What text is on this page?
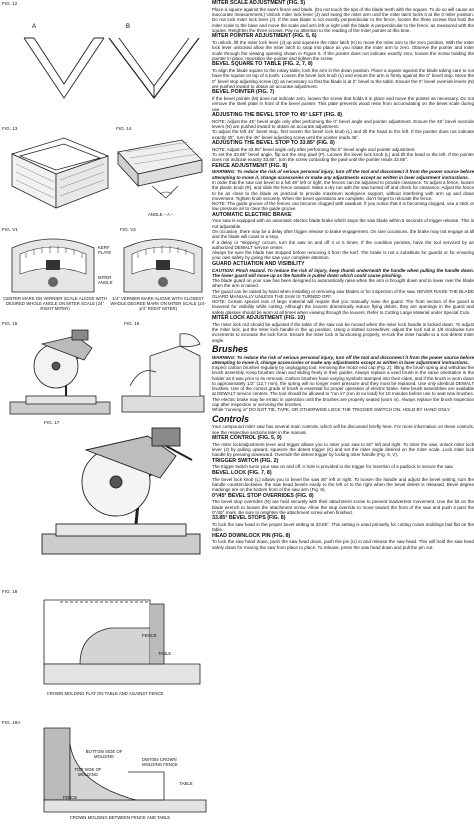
FIG. 12
A	B
FIG. 13	FIG. 14
ANGLE – A –
FIG. V1	FIG. V2
KERF PLATE
MITER ANGLE
CENTER MARK ON VERNIER SCALE ALIGNS WITH DESIRED WHOLE ANGLE ON MITER SCALE (24° RIGHT MITER)
1/4° VERNIER MARK ALIGNS WITH CLOSEST WHOLE DEGREE MARK ON MITER SCALE (24-1/4° RIGHT MITER)
FIG. 15	FIG. 16
FIG. 17
FIG. 18
FENCE
TABLE
CROWN MOLDING FLAT ON TABLE AND AGAINST FENCE
FIG. 18A
BOTTOM SIDE OF MOLDING
DW7084 CROWN MOLDING FENCE
TOP SIDE OF MOLDING
FENCE
TABLE
CROWN MOLDING BETWEEN FENCE AND TABLE
MITER SCALE ADJUSTMENT (FIG. 5)
Place a square against the saw's fence and blade. (Do not touch the tips of the blade teeth with the square. To do so will cause an inaccurate measurement.) Unlock miter lock lever (J) and swing the miter arm until the miter latch locks it at the 0 miter position. Do not lock miter lock lever (J). If the saw blade is not exactly perpendicular to the fence, loosen the three screws that hold the miter scale to the base and move the scale and arm left or right until the blade is perpendicular to the fence, as measured with the square. Retighten the three screws. Pay no attention to the reading of the miter pointer at this time.
MITER POINTER ADJUSTMENT (FIG. 5, 6)
To unlock, lift the miter lock lever (J) up and squeeze the miter latch (K) to move the miter arm to the zero position. With the miter lock lever unlocked allow the miter latch to snap into place as you rotate the miter arm to zero. Observe the pointer and miter scale through the viewing opening shown in Figure 6. If the pointer does not indicate exactly zero, loosen the screw holding the pointer in place, reposition the pointer and tighten the screw.
BEVEL SQUARE TO TABLE (FIG. 2, 7, 8)
To align the blade square to the rotary table, lock the arm in the down position. Place a square against the blade taking care to not have the square on top of a tooth. Loosen the bevel lock knob (L) and ensure the arm is firmly against the 0° bevel stop. Move the 0° bevel stop adjusting screw (Q) as necessary so that the blade is at 0° bevel to the table. Ensure the 0° bevel override levers (N) are pushed inward to obtain an accurate adjustment.
BEVEL POINTER (FIG. 7)
If the bevel pointer (M) does not indicate zero, loosen the screw that holds it in place and move the pointer as necessary. Do not remove the steel plate in front of the bevel pointer. This plate prevents wood resin from accumulating on the bevel scale during use.
ADJUSTING THE BEVEL STOP TO 45° LEFT (FIG. 8)
NOTE: Adjust the 45° bevel angle only after performing the 0° bevel angle and pointer adjustment. Ensure the 45° bevel override levers (N) are pushed inward to obtain an accurate adjustment.
To adjust the left 45° bevel stop, first loosen the bevel lock knob (L) and tilt the head to the left. If the pointer does not indicate exactly 45°, turn the 45° bevel adjusting screw until the pointer reads 45°.
ADJUSTING THE BEVEL STOP TO 33.85° (FIG. 8)
NOTE: Adjust the 33.85° bevel angle only after performing the 0° bevel angle and pointer adjustment.
To set the 33.85° bevel angle, flip out the stop pawl (P). Loosen the bevel lock knob (L) and tilt the head to the left. If the pointer does not indicate exactly 33.85°, turn the screw contacting the pawl until the pointer reads 33.85°.
FENCE ADJUSTMENT (FIG. 8)
WARNING: To reduce the risk of serious personal injury, turn off the tool and disconnect it from the power source before attempting to move it, change accessories or make any adjustments except as written in laser adjustment instructions.
In order that the saw can bevel to a full 48° left or right, the fences can be adjusted to provide clearance. To adjust a fence, loosen the plastic knob (R), and slide the fence outward. Make a dry run with the saw turned off and check for clearance. Adjust the fence to be as close to the blade as practical to provide maximum workpiece support, without interfering with arm up and down movement. Tighten knob securely. When the bevel operations are complete, don't forget to relocate the fence.
NOTE: The guide groove of the fences can become clogged with sawdust. If you notice that it is becoming clogged, use a stick or low pressure air to clear the guide groove.
AUTOMATIC ELECTRIC BRAKE
Your saw is equipped with an automatic electric blade brake which stops the saw blade within 5 seconds of trigger release. This is not adjustable.
On occasion, there may be a delay after trigger release to brake engagement. On rare occasions, the brake may not engage at all and the blade will coast to a stop.
If a delay or "skipping" occurs, turn the saw on and off 4 or 5 times. If the condition persists, have the tool serviced by an authorized DEWALT service center.
Always be sure the blade has stopped before removing it from the kerf. The brake is not a substitute for guards or for ensuring your own safety by giving the saw your complete attention.
GUARD ACTUATION AND VISIBILITY
CAUTION: Pinch Hazard. To reduce the risk of injury, keep thumb underneath the handle when pulling the handle down. The lower guard will move up as the handle is pulled down which could cause pinching.
The blade guard on your saw has been designed to automatically raise when the arm is brought down and to lower over the blade when the arm is raised.
The guard can be raised by hand when installing or removing saw blades or for inspection of the saw. NEVER RAISE THE BLADE GUARD MANUALLY UNLESS THE SAW IS TURNED OFF.
NOTE: Certain special cuts of large material will require that you manually raise the guard. The front section of the guard is louvered for visibility while cutting. Although the louvers dramatically reduce flying debris, they are openings in the guard and safety glasses should be worn at all times when viewing through the louvers. Refer to Cutting Large Material under Special Cuts.
MITER LOCK ADJUSTMENT (FIG. 10)
The miter lock rod should be adjusted if the table of the saw can be moved when the miter lock handle is locked down. To adjust the miter lock, put the miter lock handle in the up position. Using a slotted screwdriver, adjust the lock rod in 1/8 clockwise turn increments to increase the lock force. Ensure the miter lock is functioning properly, re-lock the miter handle to a non-detent miter angle.
Brushes
WARNING: To reduce the risk of serious personal injury, turn off the tool and disconnect it from the power source before attempting to move it, change accessories or make any adjustments except as written in laser adjustment instructions.
Inspect carbon brushes regularly by unplugging tool, removing the motor end cap (Fig. 2), lifting the brush spring and withdraw the brush assembly. Keep brushes clean and sliding freely in their guides. Always replace a used brush in the same orientation in the holder as it was prior to its removal. Carbon brushes have varying symbols stamped into their sides, and if the brush is worn down to approximately 1/2" (12,7 mm), the spring will no longer exert pressure and they must be replaced. Use only identical DEWALT brushes. Use of the correct grade of brush is essential for proper operation of electric brake. New brush assemblies are available at DEWALT service centers. The tool should be allowed to "run in" (run at no load) for 10 minutes before use to seat new brushes. The electric brake may be erratic in operation until the brushes are properly seated (worn in). Always replace the brush inspection cap after inspection or servicing the brushes.
While "running in" DO NOT TIE, TAPE, OR OTHERWISE LOCK THE TRIGGER SWITCH ON. HOLD BY HAND ONLY.
Controls
Your compound miter saw has several main controls, which will be discussed briefly here. For more information on these controls, see the respective sections later in the manual.
MITER CONTROL (FIG. 5, 9)
The miter lock/adjustment lever and trigger allows you to miter your saw to 50° left and right. To miter the saw, unlock miter lock lever (J) by pulling upward, squeeze the detent trigger (K) and set the miter angle desired on the miter scale. Lock miter lock handle by pressing downward. Override the detent trigger by locking miter handle (Fig. 9, V).
TRIGGER SWITCH (FIG. 2)
The trigger switch turns your saw on and off. A hole is provided in the trigger for insertion of a padlock to secure the saw.
BEVEL LOCK (FIG. 7, 8)
The bevel lock knob (L) allows you to bevel the saw 48° left or right. To loosen the handle and adjust the bevel setting, turn the handle counterclockwise, the saw head bevels easily to the left or to the right when the bevel detent is released. Bevel degree markings are on the bottom front of the saw arm (Fig. 8).
0°/45° BEVEL STOP OVERRIDES (FIG. 8)
The bevel stop overrides (N) are held securely with their attachment screw to prevent inadvertent movement. Use the bit on the blade wrench to loosen the attachment screw. Allow the stop override to move toward the front of the saw and push it past the 0°/45° mark. Be sure to retighten the attachment screw when finished.
33.85° BEVEL STOPS (FIG. 8)
To lock the saw head in the proper bevel setting at 33.85°. This setting is used primarily for cutting crown moldings laid flat on the table.
HEAD DOWNLOCK PIN (FIG. 8)
To lock the saw head down, push the saw head down, push the pin (U) in and release the saw head. This will hold the saw head safely down for moving the saw from place to place. To release, press the saw head down and pull the pin out.
